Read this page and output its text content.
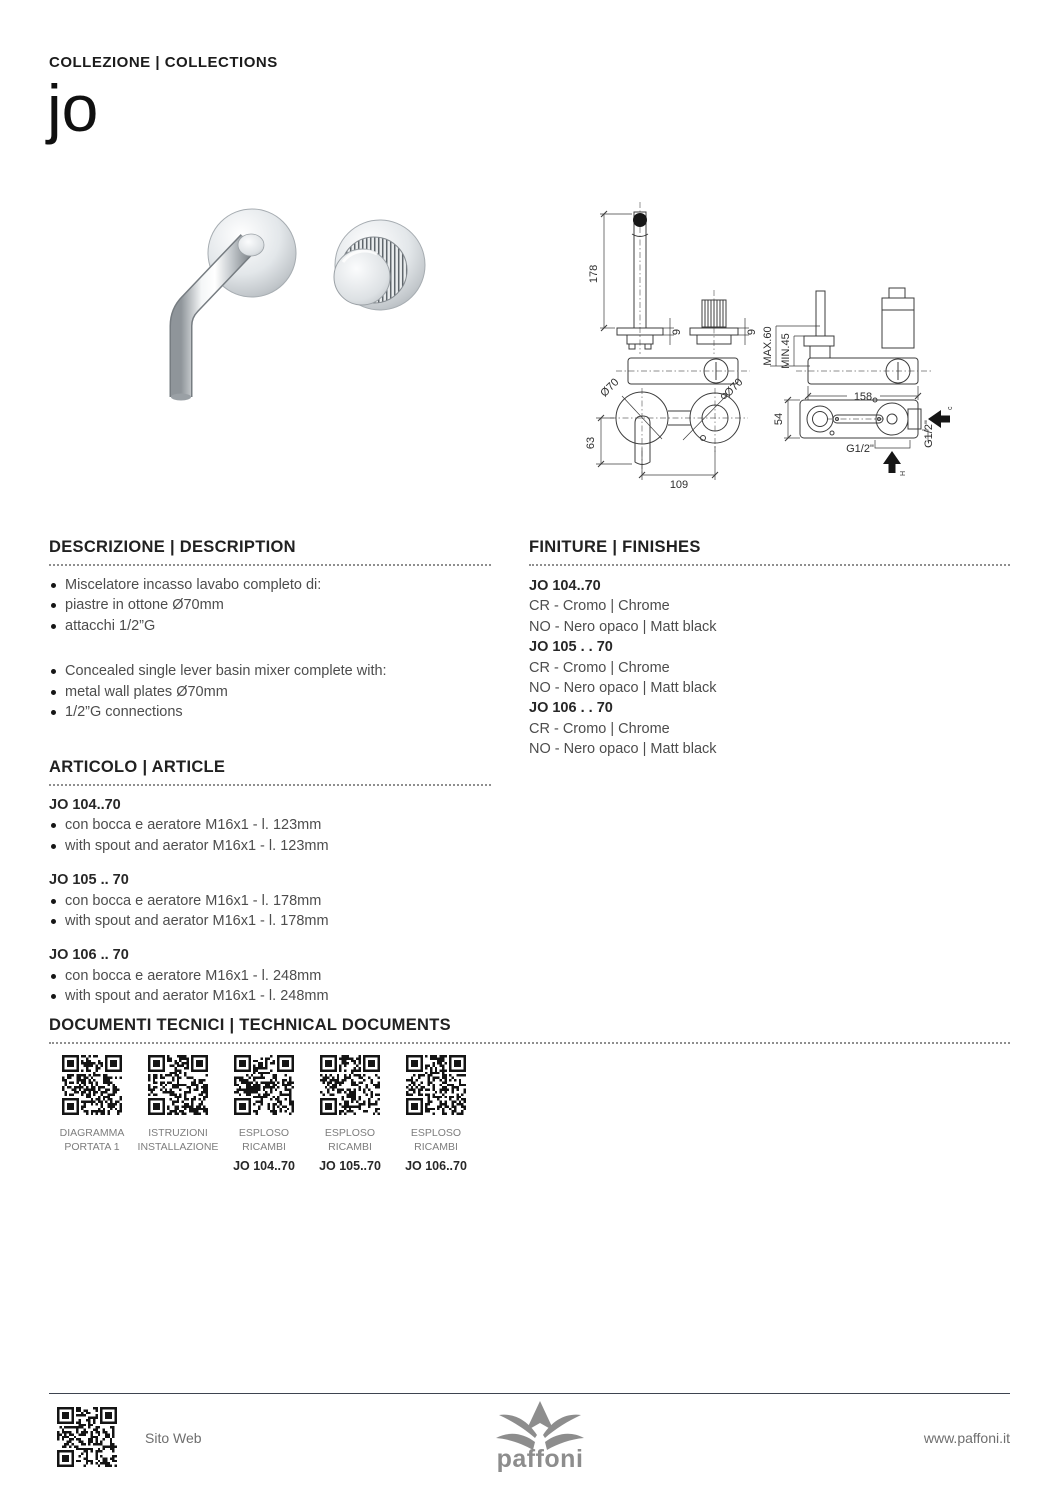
COLLEZIONE | COLLECTIONS
jo
178
9	9
Ø70	Ø70
63
109
MAX.60 MIN.45
158
54
G1/2"
G1/2"
c
H
DESCRIZIONE | DESCRIPTION
Miscelatore incasso lavabo completo di:
piastre in ottone Ø70mm
attacchi 1/2”G
Concealed single lever basin mixer complete with:
metal wall plates Ø70mm
1/2”G connections
FINITURE | FINISHES
JO 104..70
CR - Cromo | Chrome
NO - Nero opaco | Matt black
JO 105 . . 70
CR - Cromo | Chrome
NO - Nero opaco | Matt black
JO 106 . . 70
CR - Cromo | Chrome
NO - Nero opaco | Matt black
ARTICOLO | ARTICLE
JO 104..70
con bocca e aeratore M16x1 - l. 123mm
with spout and aerator M16x1 - l. 123mm
JO 105 .. 70
con bocca e aeratore M16x1 - l. 178mm
with spout and aerator M16x1 - l. 178mm
JO 106 .. 70
con bocca e aeratore M16x1 - l. 248mm
with spout and aerator M16x1 - l. 248mm
DOCUMENTI TECNICI | TECHNICAL DOCUMENTS
DIAGRAMMA
PORTATA 1
ISTRUZIONI
INSTALLAZIONE
ESPLOSO
RICAMBI
JO 104..70
ESPLOSO
RICAMBI
JO 105..70
ESPLOSO
RICAMBI
JO 106..70
Sito Web
paffoni
www.paffoni.it
